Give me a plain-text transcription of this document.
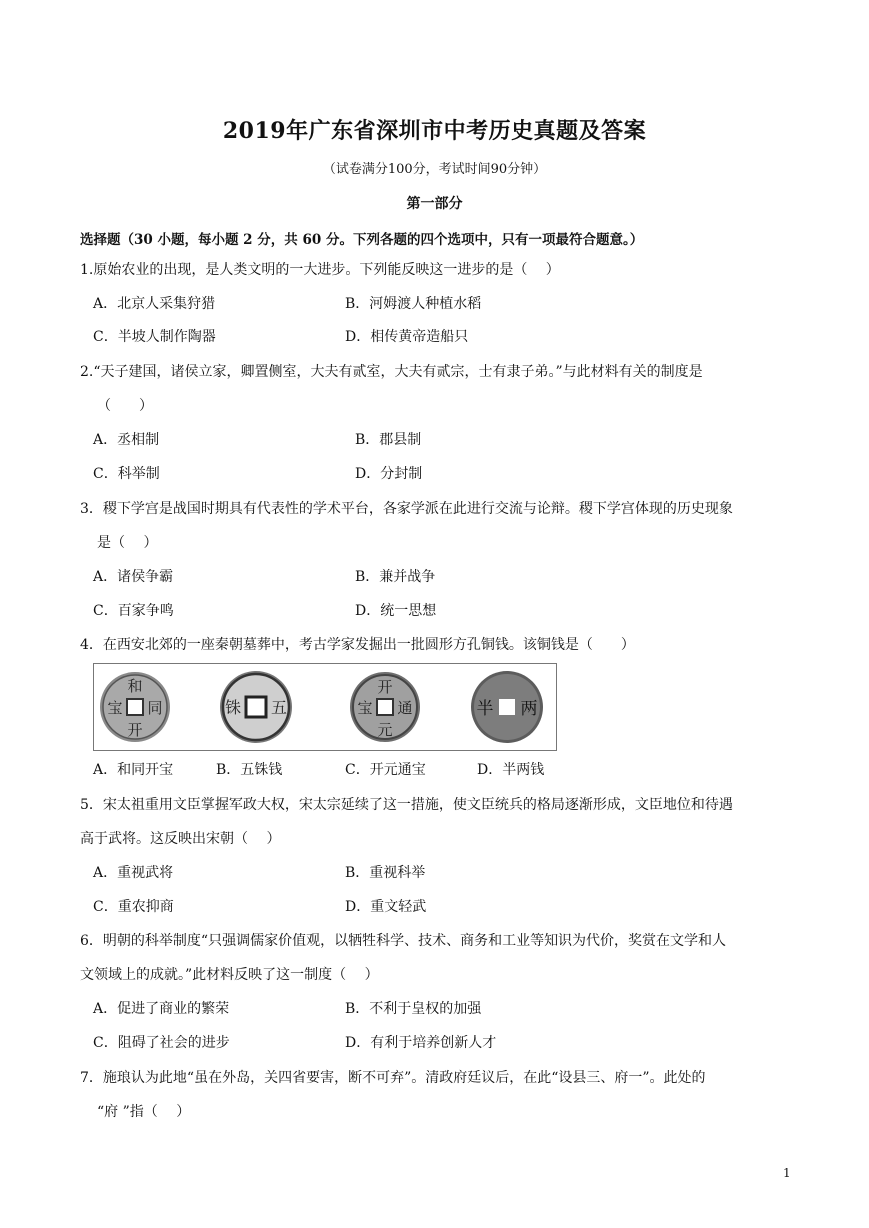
2019年广东省深圳市中考历史真题及答案
（试卷满分100分，考试时间90分钟）
第一部分
选择题（30 小题，每小题 2 分，共 60 分。下列各题的四个选项中，只有一项最符合题意。）
1.原始农业的出现，是人类文明的一大进步。下列能反映这一进步的是（　 ）
A．北京人采集狩猎	B．河姆渡人种植水稻
C．半坡人制作陶器	D．相传黄帝造船只
2.“天子建国，诸侯立家，卿置侧室，大夫有贰室，大夫有贰宗，士有隶子弟。”与此材料有关的制度是
（　　）
A．丞相制	B．郡县制
C．科举制	D．分封制
3．稷下学宫是战国时期具有代表性的学术平台，各家学派在此进行交流与论辩。稷下学宫体现的历史现象
是（　 ）
A．诸侯争霸	B．兼并战争
C．百家争鸣	D．统一思想
4．在西安北郊的一座秦朝墓葬中，考古学家发掘出一批圆形方孔铜钱。该铜钱是（　　）
和
同
开
宝	五
铢
开
通
元
宝	两
半
A．和同开宝	B．五铢钱	C．开元通宝	D．半两钱
5．宋太祖重用文臣掌握军政大权，宋太宗延续了这一措施，使文臣统兵的格局逐渐形成，文臣地位和待遇
高于武将。这反映出宋朝（　 ）
A．重视武将	B．重视科举
C．重农抑商	D．重文轻武
6．明朝的科举制度“只强调儒家价值观，以牺牲科学、技术、商务和工业等知识为代价，奖赏在文学和人
文领域上的成就。”此材料反映了这一制度（　 ）
A．促进了商业的繁荣	B．不利于皇权的加强
C．阻碍了社会的进步	D．有利于培养创新人才
7．施琅认为此地“虽在外岛，关四省要害，断不可弃”。清政府廷议后，在此“设县三、府一”。此处的
“府 ”指（　 ）
1
